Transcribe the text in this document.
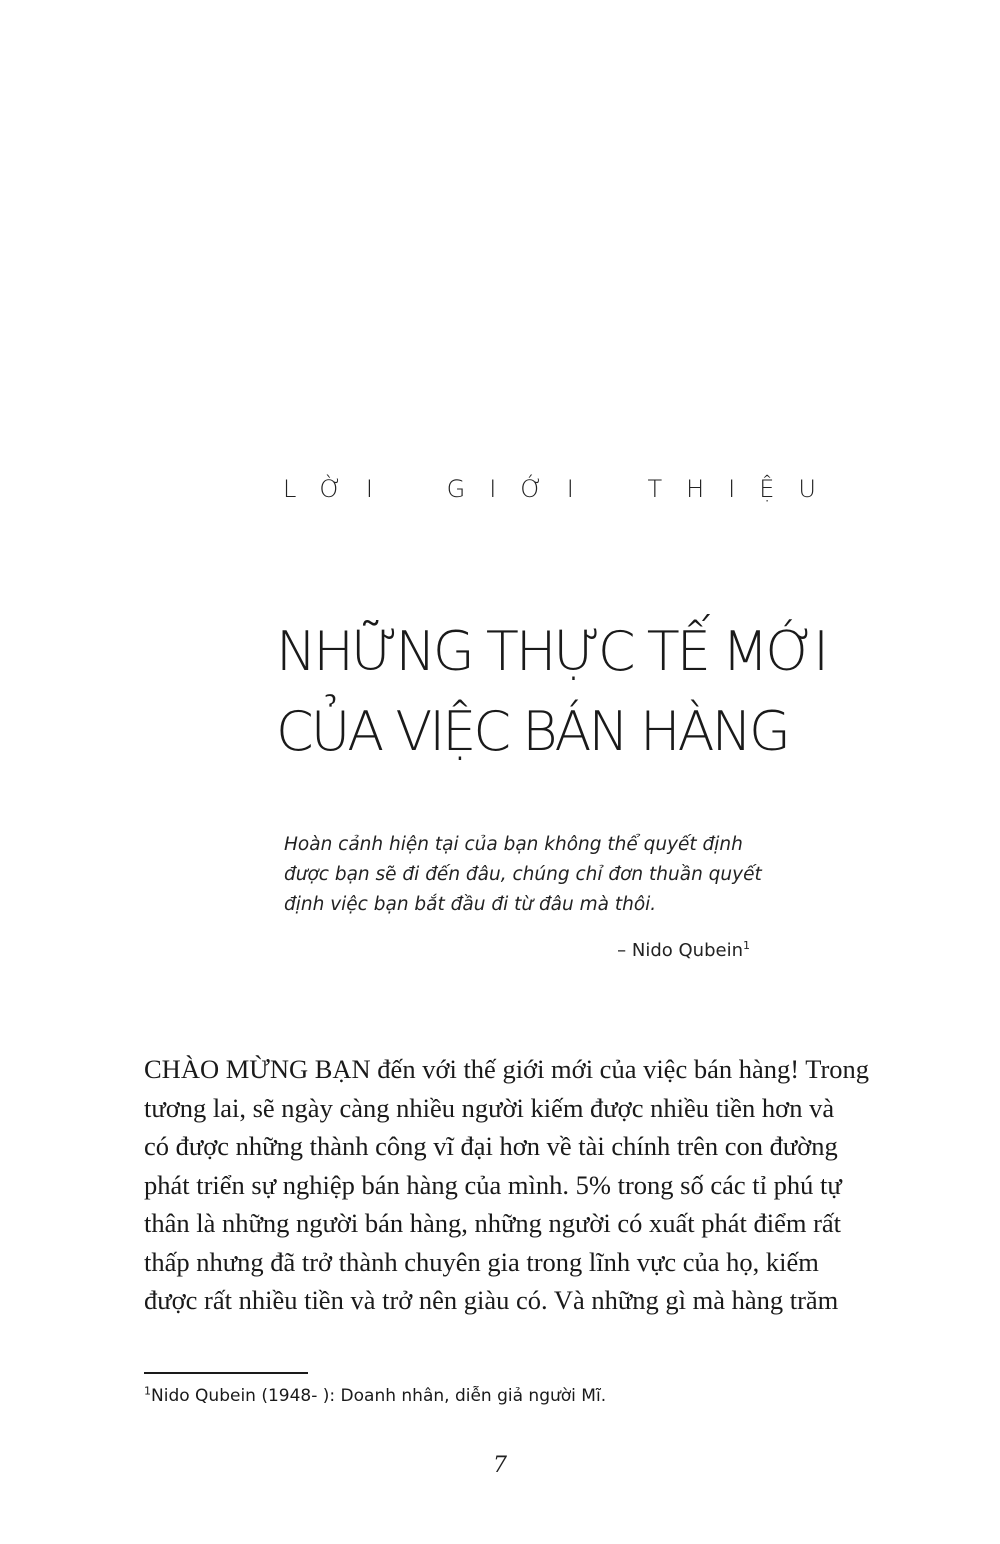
LỜI GIỚI THIỆU
NHỮNG THỰC TẾ MỚI
CỦA VIỆC BÁN HÀNG
Hoàn cảnh hiện tại của bạn không thể quyết định
được bạn sẽ đi đến đâu, chúng chỉ đơn thuần quyết
định việc bạn bắt đầu đi từ đâu mà thôi.
– Nido Qubein$^1$
CHÀO MỪNG BẠN đến với thế giới mới của việc bán hàng! Trong
tương lai, sẽ ngày càng nhiều người kiếm được nhiều tiền hơn và
có được những thành công vĩ đại hơn về tài chính trên con đường
phát triển sự nghiệp bán hàng của mình. 5% trong số các tỉ phú tự
thân là những người bán hàng, những người có xuất phát điểm rất
thấp nhưng đã trở thành chuyên gia trong lĩnh vực của họ, kiếm
được rất nhiều tiền và trở nên giàu có. Và những gì mà hàng trăm
$^1$Nido Qubein (1948- ): Doanh nhân, diễn giả người Mĩ.
7
